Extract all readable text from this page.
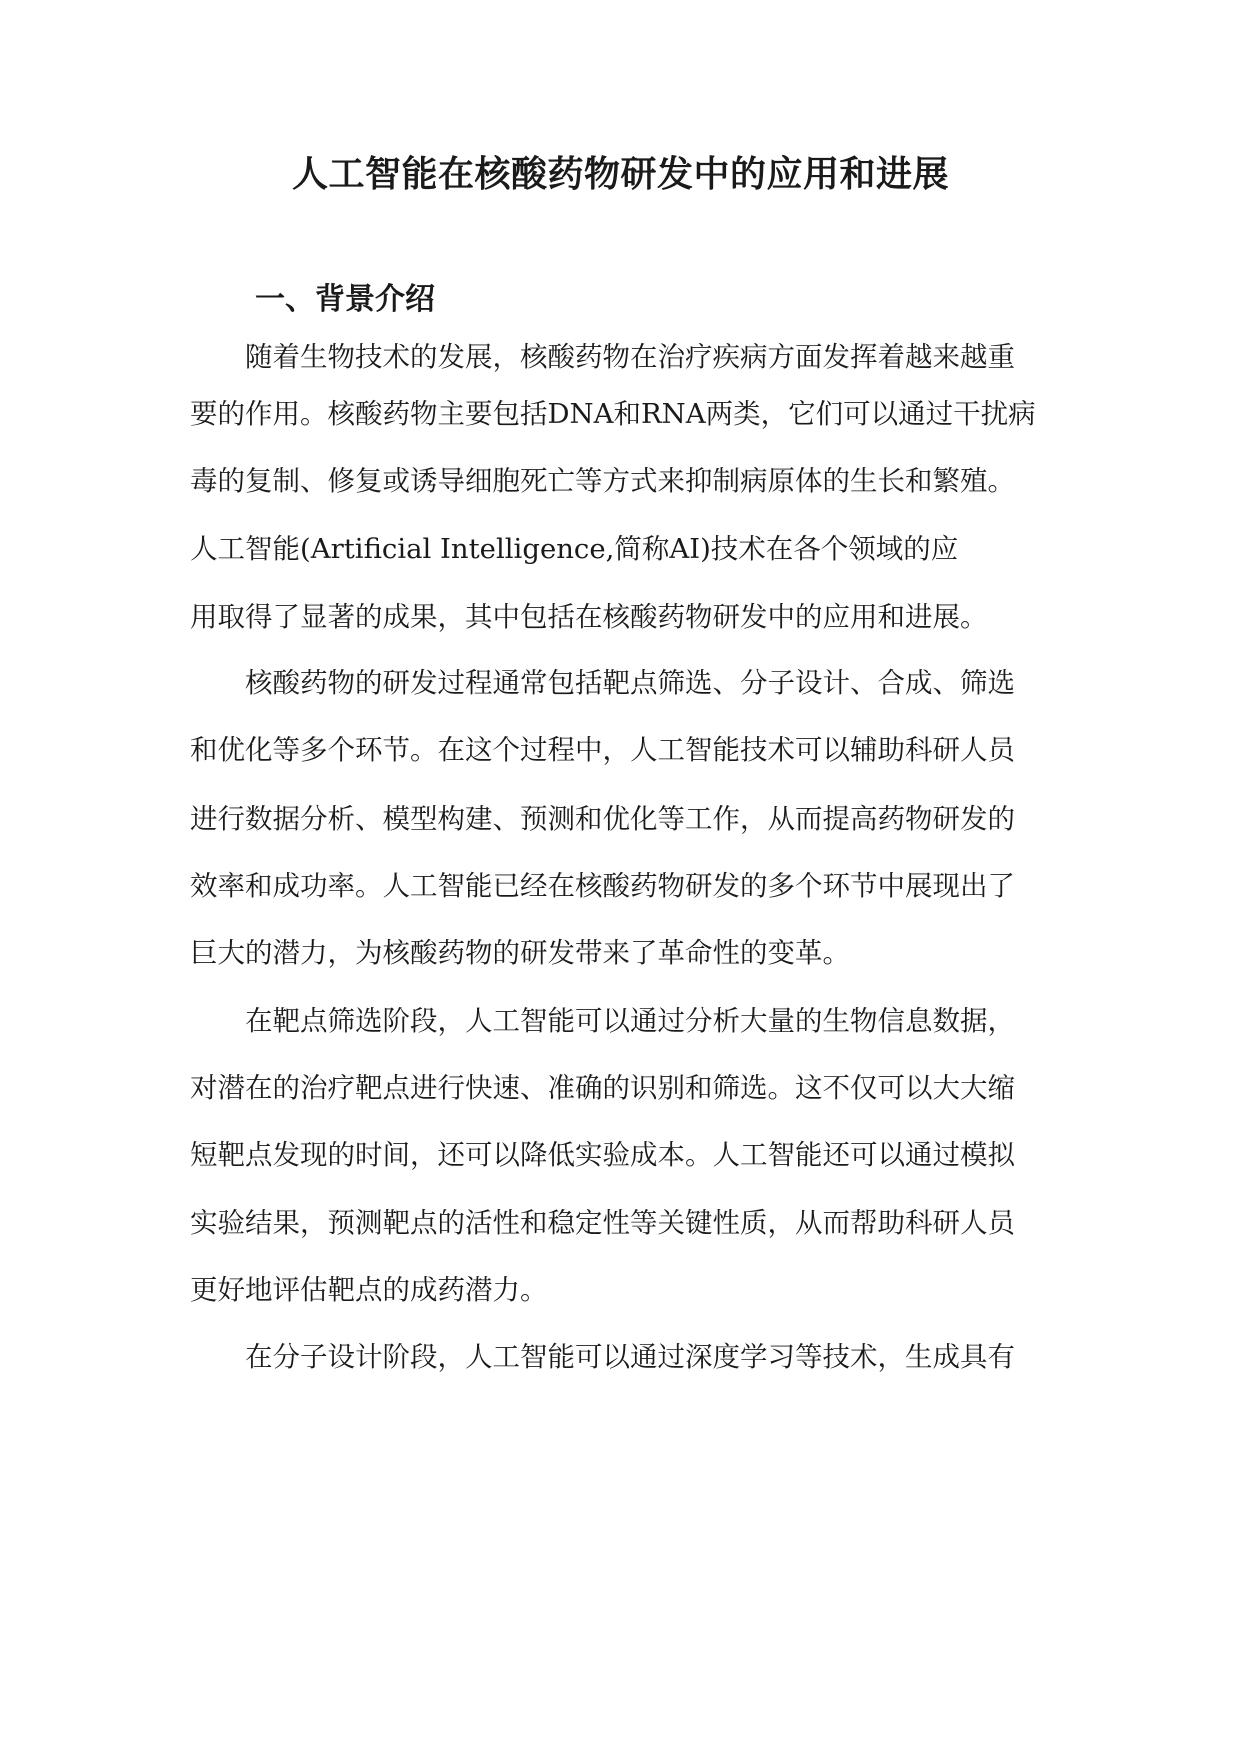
人工智能在核酸药物研发中的应用和进展
一、背景介绍

随着生物技术的发展，核酸药物在治疗疾病方面发挥着越来越重

要的作用。核酸药物主要包括DNA和RNA两类，它们可以通过干扰病

毒的复制、修复或诱导细胞死亡等方式来抑制病原体的生长和繁殖。

人工智能(Artificial Intelligence,简称AI)技术在各个领域的应

用取得了显著的成果，其中包括在核酸药物研发中的应用和进展。

核酸药物的研发过程通常包括靶点筛选、分子设计、合成、筛选

和优化等多个环节。在这个过程中，人工智能技术可以辅助科研人员

进行数据分析、模型构建、预测和优化等工作，从而提高药物研发的

效率和成功率。人工智能已经在核酸药物研发的多个环节中展现出了

巨大的潜力，为核酸药物的研发带来了革命性的变革。

在靶点筛选阶段，人工智能可以通过分析大量的生物信息数据，

对潜在的治疗靶点进行快速、准确的识别和筛选。这不仅可以大大缩

短靶点发现的时间，还可以降低实验成本。人工智能还可以通过模拟

实验结果，预测靶点的活性和稳定性等关键性质，从而帮助科研人员

更好地评估靶点的成药潜力。

在分子设计阶段，人工智能可以通过深度学习等技术，生成具有
